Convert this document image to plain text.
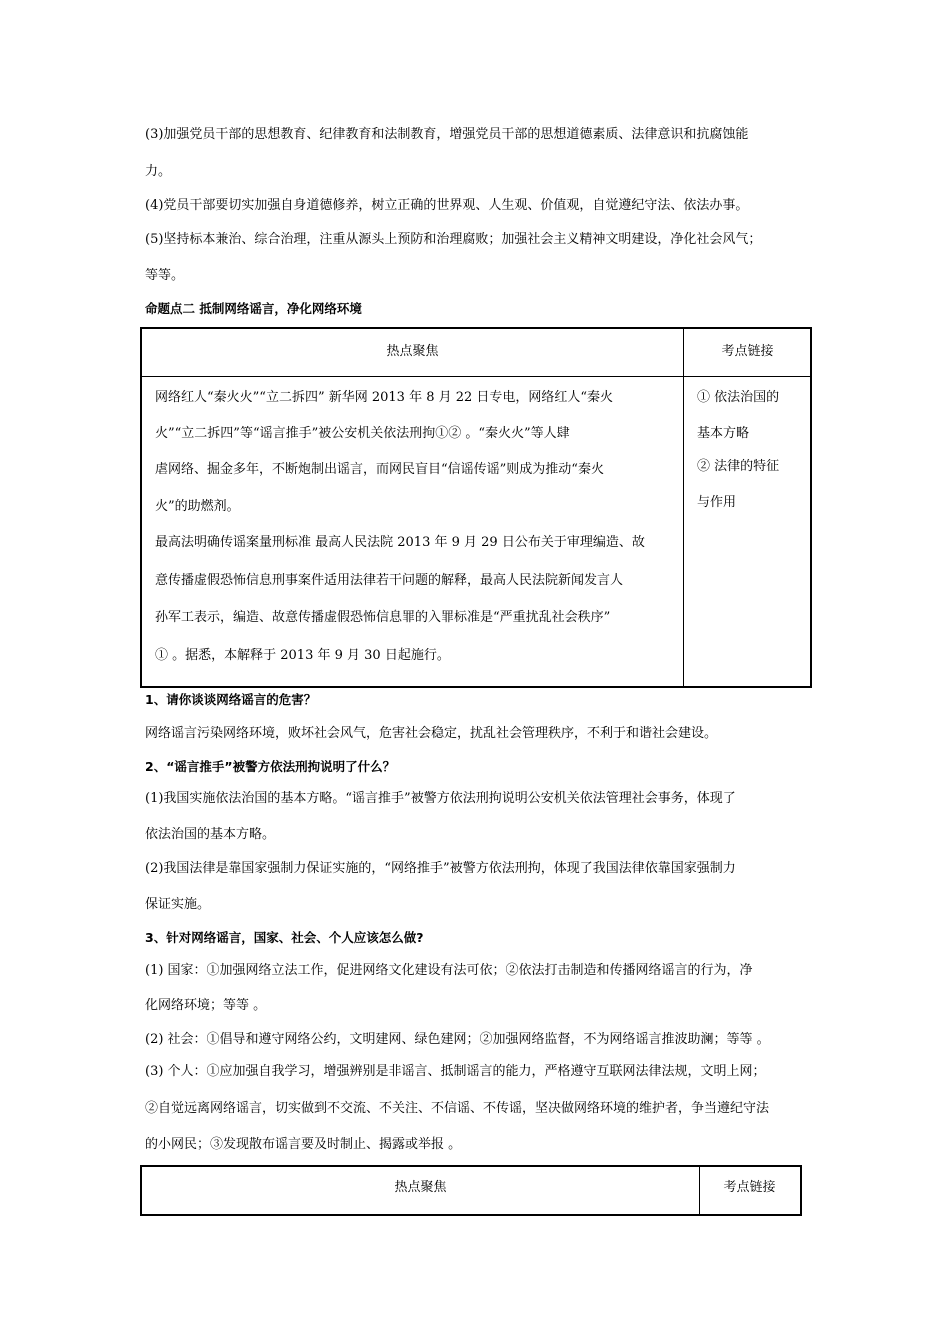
(3)加强党员干部的思想教育、纪律教育和法制教育，增强党员干部的思想道德素质、法律意识和抗腐蚀能
力。
(4)党员干部要切实加强自身道德修养，树立正确的世界观、人生观、价值观，自觉遵纪守法、依法办事。
(5)坚持标本兼治、综合治理，注重从源头上预防和治理腐败；加强社会主义精神文明建设，净化社会风气；
等等。
命题点二 抵制网络谣言，净化网络环境
热点聚焦	考点链接
网络红人“秦火火”“立二拆四” 新华网 2013 年 8 月 22 日专电，网络红人“秦火
火”“立二拆四”等“谣言推手”被公安机关依法刑拘①② 。“秦火火”等人肆
虐网络、掘金多年，不断炮制出谣言，而网民盲目“信谣传谣”则成为推动“秦火
火”的助燃剂。
最高法明确传谣案量刑标准 最高人民法院 2013 年 9 月 29 日公布关于审理编造、故
意传播虚假恐怖信息刑事案件适用法律若干问题的解释，最高人民法院新闻发言人
孙军工表示，编造、故意传播虚假恐怖信息罪的入罪标准是“严重扰乱社会秩序”
① 。据悉，本解释于 2013 年 9 月 30 日起施行。
① 依法治国的
基本方略
② 法律的特征
与作用
1、请你谈谈网络谣言的危害？
网络谣言污染网络环境，败坏社会风气，危害社会稳定，扰乱社会管理秩序，不利于和谐社会建设。
2、“谣言推手”被警方依法刑拘说明了什么？
(1)我国实施依法治国的基本方略。“谣言推手”被警方依法刑拘说明公安机关依法管理社会事务，体现了
依法治国的基本方略。
(2)我国法律是靠国家强制力保证实施的，“网络推手”被警方依法刑拘，体现了我国法律依靠国家强制力
保证实施。
3、针对网络谣言，国家、社会、个人应该怎么做?
(1) 国家：①加强网络立法工作，促进网络文化建设有法可依；②依法打击制造和传播网络谣言的行为，净
化网络环境；等等 。
(2) 社会：①倡导和遵守网络公约，文明建网、绿色建网；②加强网络监督，不为网络谣言推波助澜；等等 。
(3) 个人：①应加强自我学习，增强辨别是非谣言、抵制谣言的能力，严格遵守互联网法律法规，文明上网；
②自觉远离网络谣言，切实做到不交流、不关注、不信谣、不传谣，坚决做网络环境的维护者，争当遵纪守法
的小网民；③发现散布谣言要及时制止、揭露或举报 。
热点聚焦	考点链接
